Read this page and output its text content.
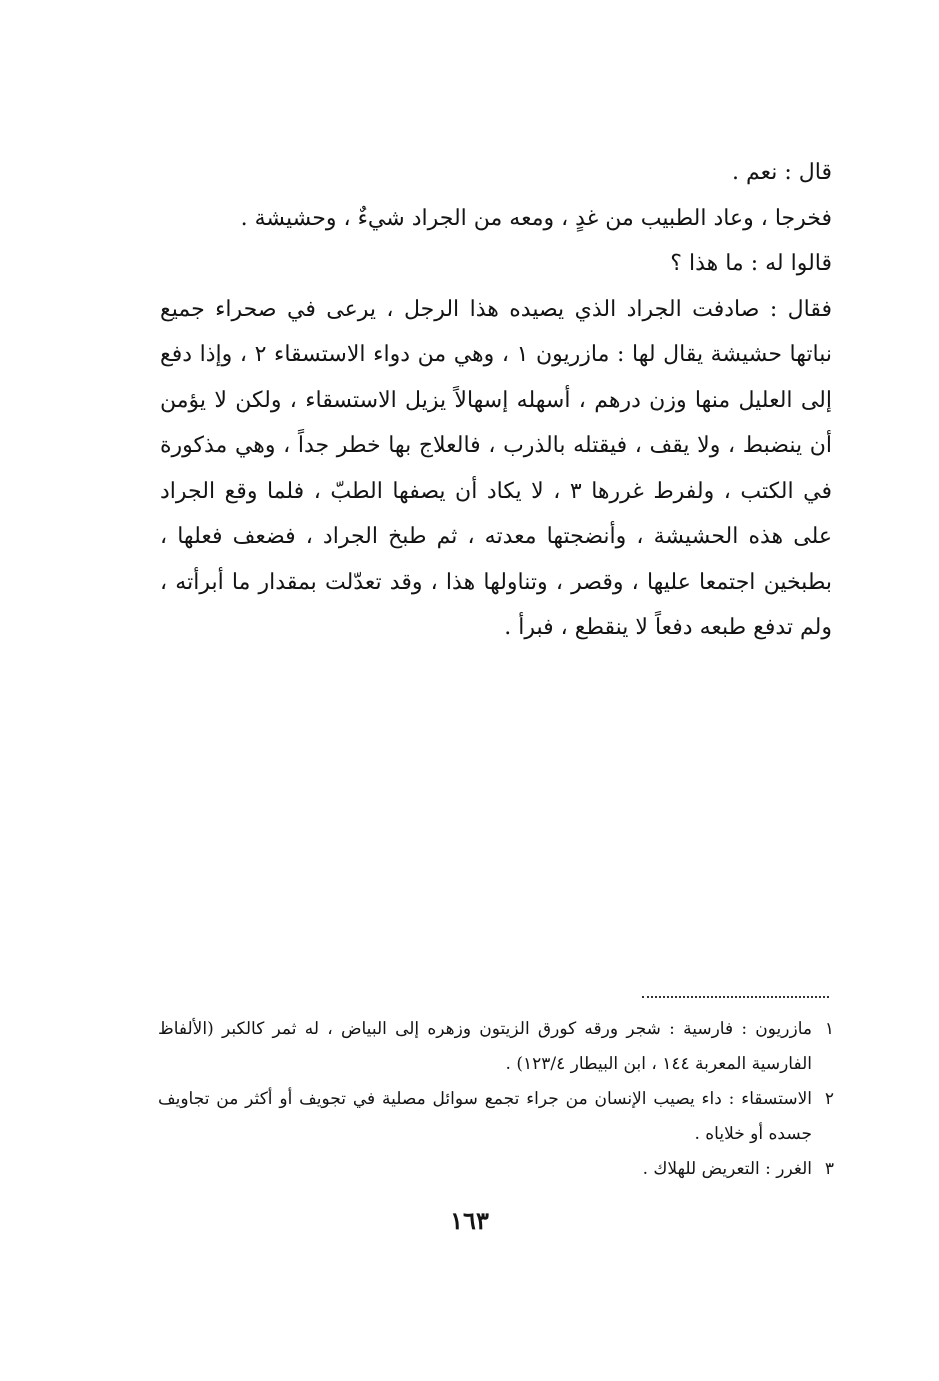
قال : نعم .

فخرجا ، وعاد الطبيب من غدٍ ، ومعه من الجراد شيءٌ ، وحشيشة .

قالوا له : ما هذا ؟

فقال : صادفت الجراد الذي يصيده هذا الرجل ، يرعى في صحراء جميع نباتها حشيشة يقال لها : مازريون ١ ، وهي من دواء الاستسقاء ٢ ، وإذا دفع إلى العليل منها وزن درهم ، أسهله إسهالاً يزيل الاستسقاء ، ولكن لا يؤمن أن ينضبط ، ولا يقف ، فيقتله بالذرب ، فالعلاج بها خطر جداً ، وهي مذكورة في الكتب ، ولفرط غررها ٣ ، لا يكاد أن يصفها الطبّ ، فلما وقع الجراد على هذه الحشيشة ، وأنضجتها معدته ، ثم طبخ الجراد ، فضعف فعلها ، بطبخين اجتمعا عليها ، وقصر ، وتناولها هذا ، وقد تعدّلت بمقدار ما أبرأته ، ولم تدفع طبعه دفعاً لا ينقطع ، فبرأ .

١
مازريون : فارسية : شجر ورقه كورق الزيتون وزهره إلى البياض ، له ثمر كالكبر (الألفاظ الفارسية المعربة ١٤٤ ، ابن البيطار ١٢٣/٤) .
٢
الاستسقاء : داء يصيب الإنسان من جراء تجمع سوائل مصلية في تجويف أو أكثر من تجاويف جسده أو خلاياه .
٣
الغرر : التعريض للهلاك .
١٦٣
